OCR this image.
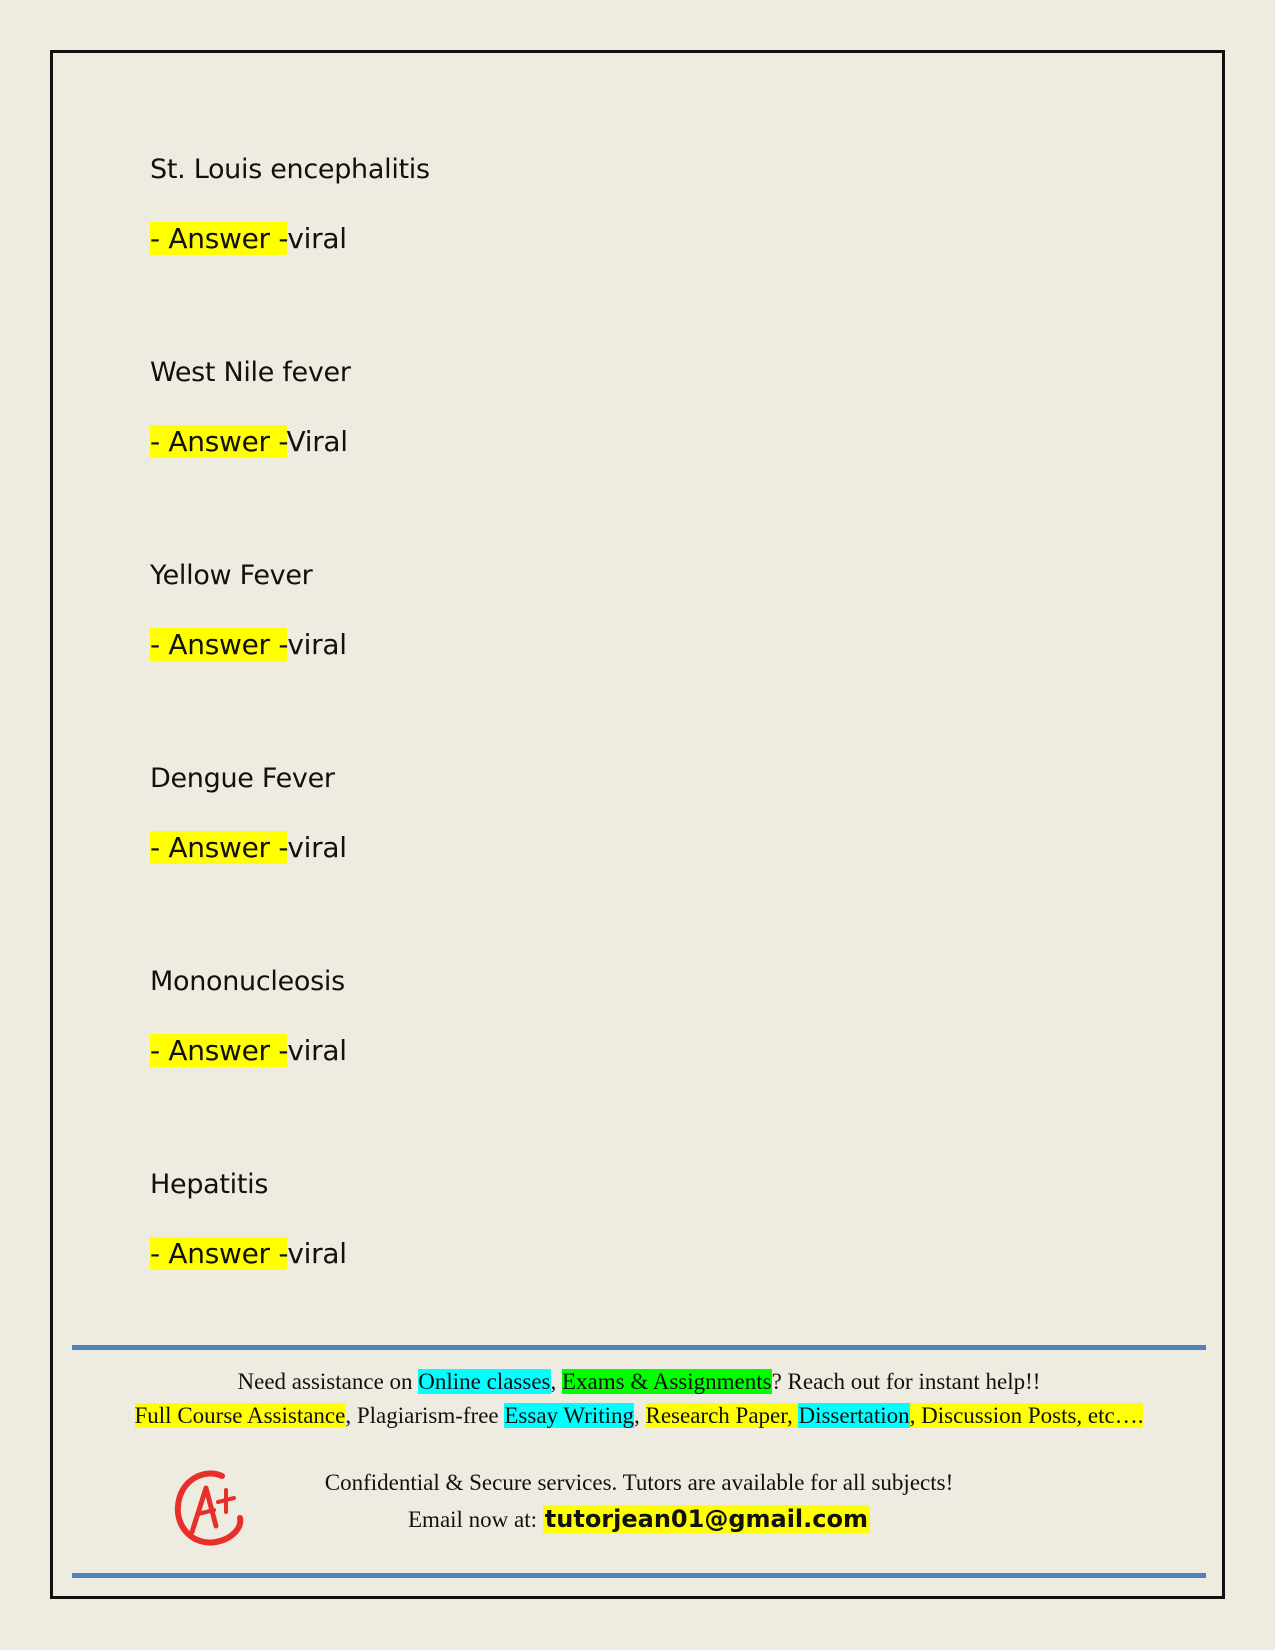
St. Louis encephalitis
- Answer -viral
West Nile fever
- Answer -Viral
Yellow Fever
- Answer -viral
Dengue Fever
- Answer -viral
Mononucleosis
- Answer -viral
Hepatitis
- Answer -viral
Need assistance on Online classes, Exams & Assignments? Reach out for instant help!!
Full Course Assistance, Plagiarism-free Essay Writing, Research Paper, Dissertation, Discussion Posts, etc….
Confidential & Secure services. Tutors are available for all subjects!
Email now at: tutorjean01@gmail.com
